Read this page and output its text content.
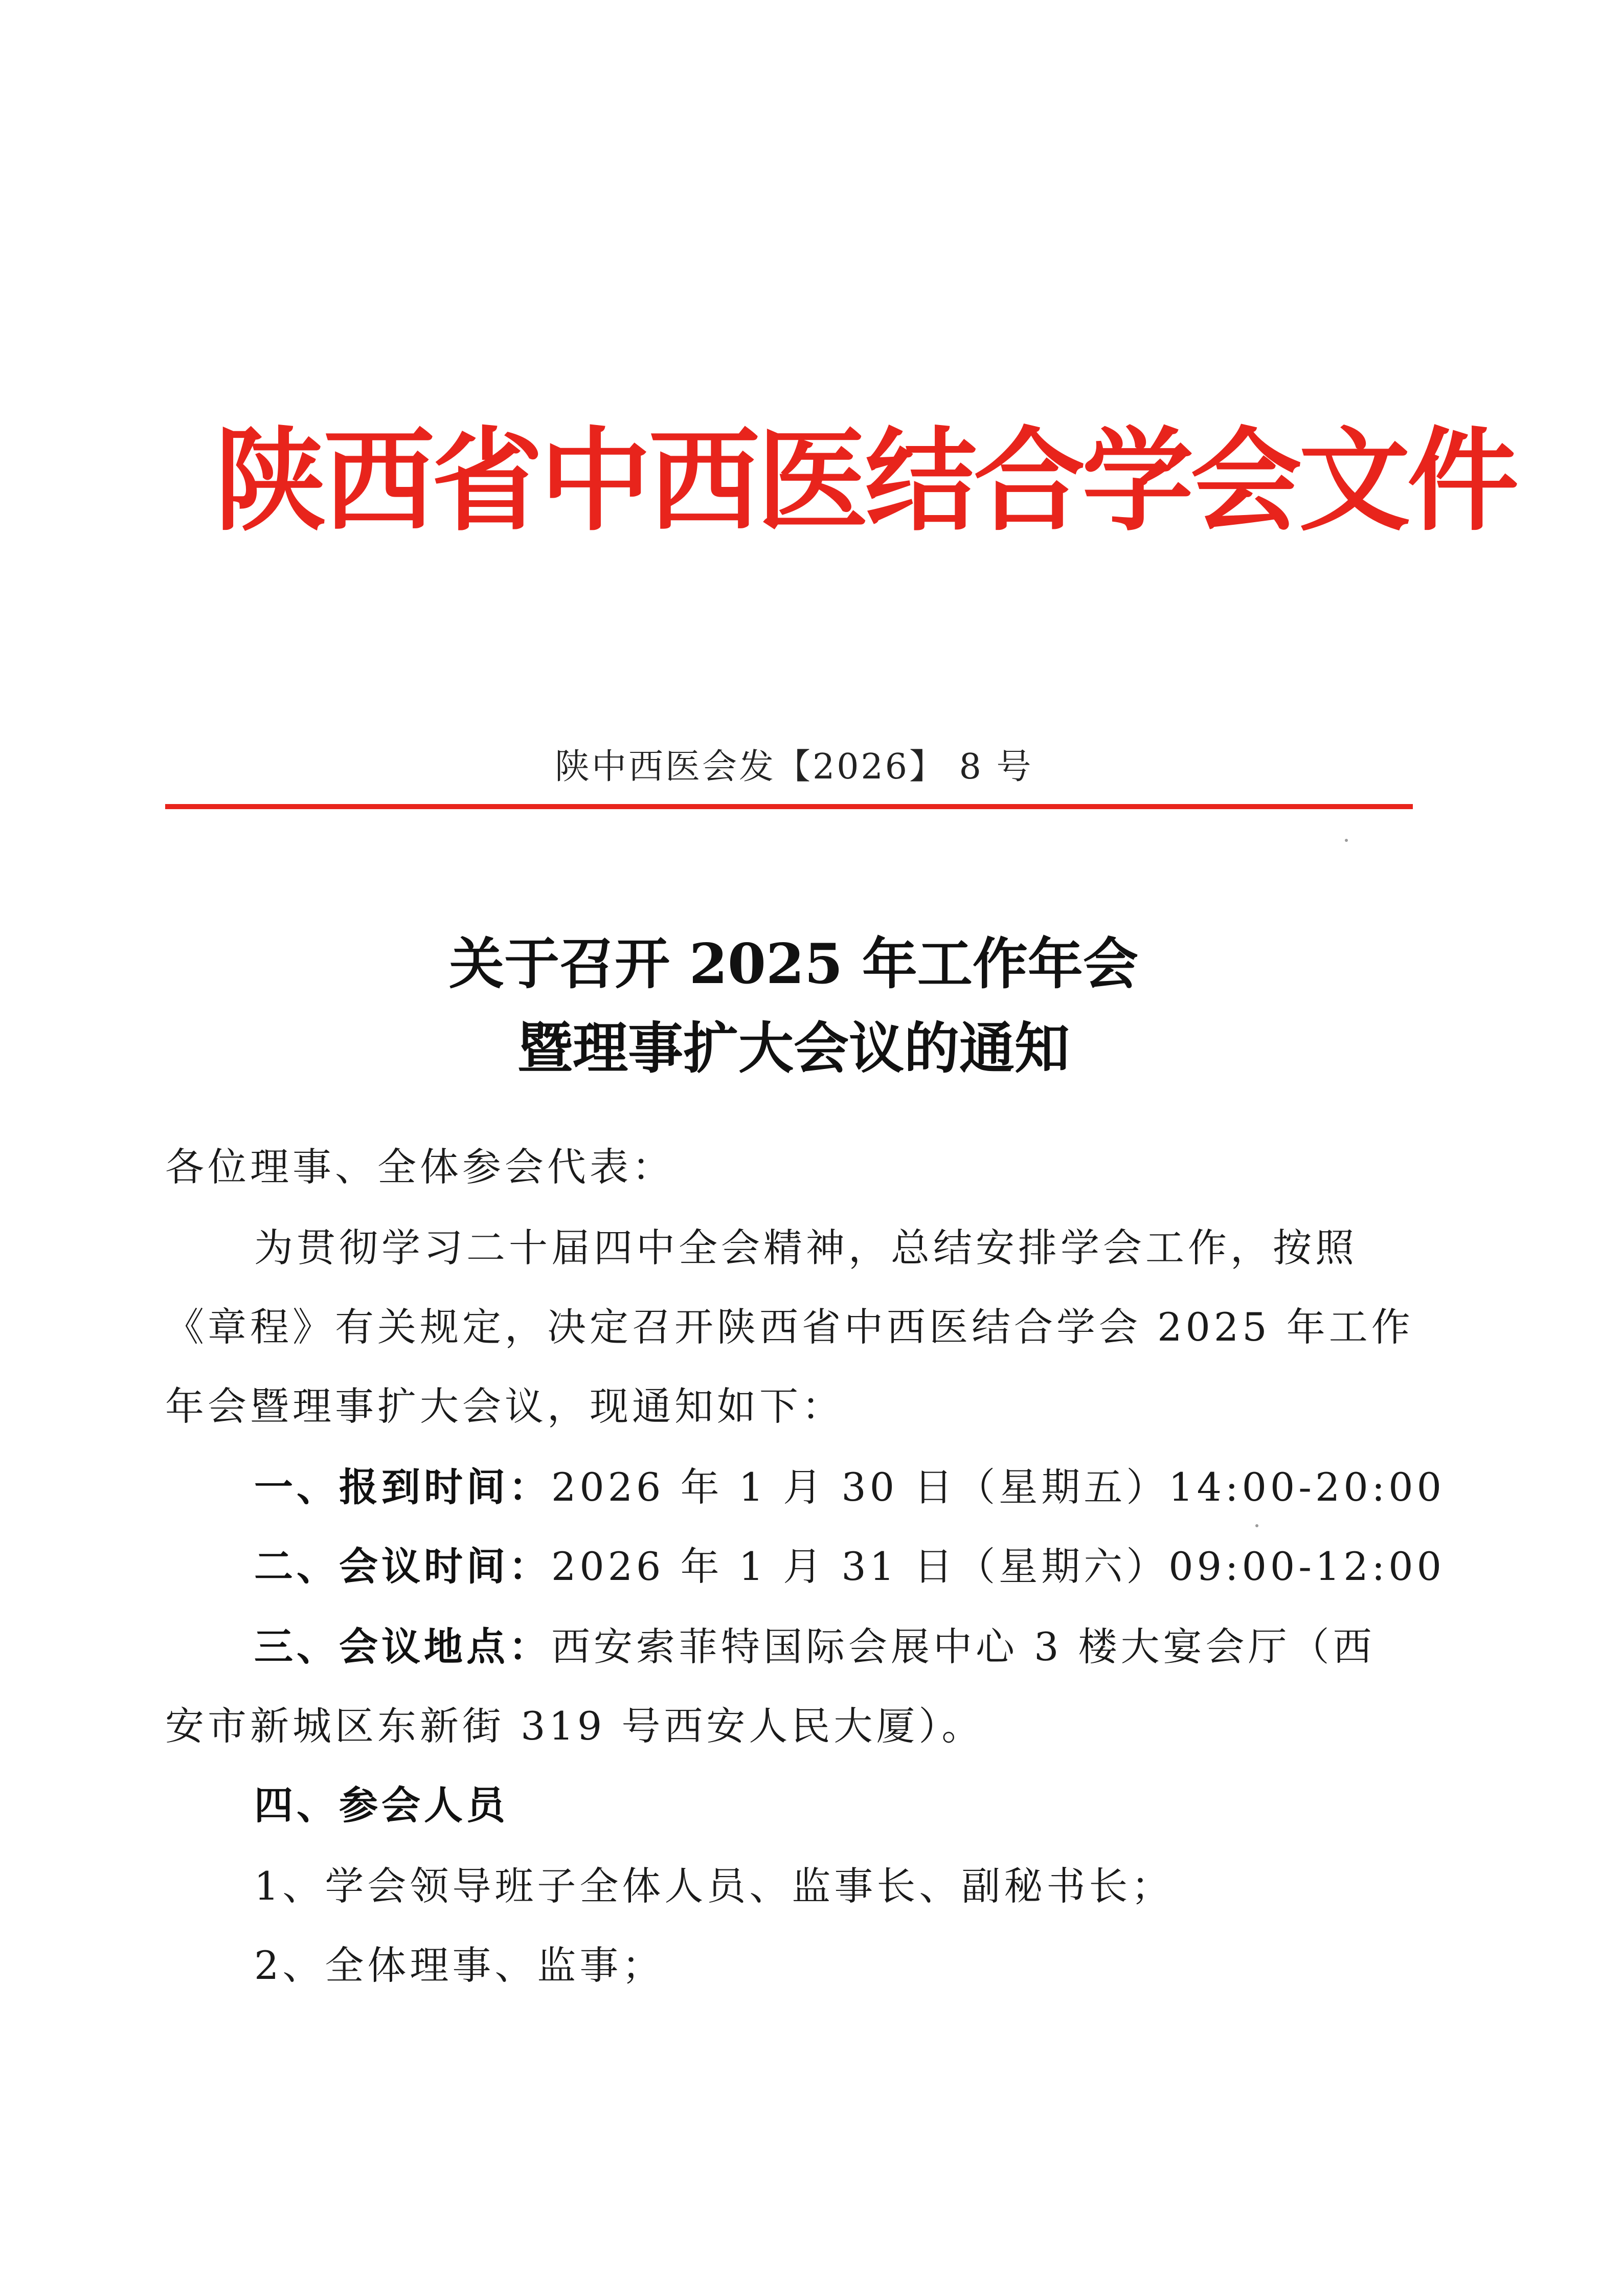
陕西省中西医结合学会文件
陕中西医会发【2026】 8 号
关于召开 2025 年工作年会
暨理事扩大会议的通知
各位理事、全体参会代表：
为贯彻学习二十届四中全会精神，总结安排学会工作，按照
《章程》有关规定，决定召开陕西省中西医结合学会 2025 年工作
年会暨理事扩大会议，现通知如下：
一、报到时间：2026 年 1 月 30 日（星期五）14:00-20:00
二、会议时间：2026 年 1 月 31 日（星期六）09:00-12:00
三、会议地点：西安索菲特国际会展中心 3 楼大宴会厅（西
安市新城区东新街 319 号西安人民大厦）。
四、参会人员
1、学会领导班子全体人员、监事长、副秘书长；
2、全体理事、监事；
